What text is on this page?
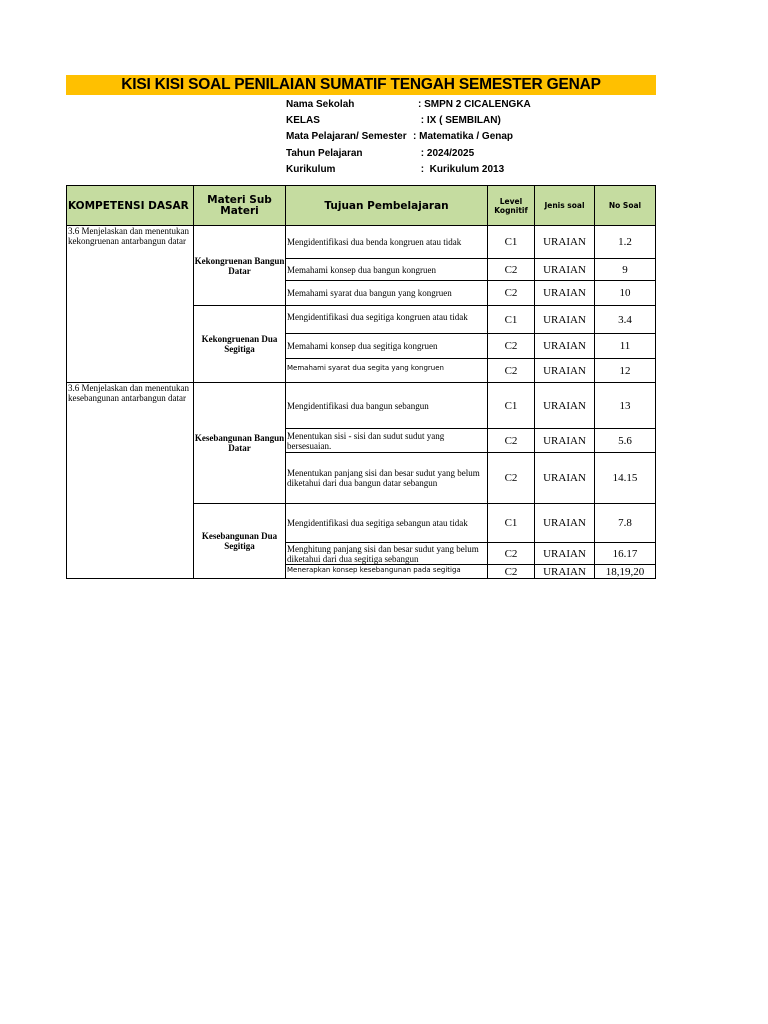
KISI KISI SOAL PENILAIAN SUMATIF TENGAH SEMESTER GENAP
Nama Sekolah	: SMPN 2 CICALENGKA
KELAS	: IX ( SEMBILAN)
Mata Pelajaran/ Semester : Matematika / Genap
Tahun Pelajaran	: 2024/2025
Kurikulum	:  Kurikulum 2013
KOMPETENSI DASAR	Materi Sub Materi	Tujuan Pembelajaran	Level Kognitif	Jenis soal	No Soal

3.6 Menjelaskan dan menentukan kekongruenan antarbangun datar	Kekongruenan Bangun Datar	Mengidentifikasi dua benda kongruen atau tidak	C1	URAIAN	1.2
		Memahami konsep dua bangun kongruen	C2	URAIAN	9
		Memahami syarat dua bangun yang kongruen	C2	URAIAN	10
	Kekongruenan Dua Segitiga	Mengidentifikasi dua segitiga kongruen atau tidak	C1	URAIAN	3.4
		Memahami konsep dua segitiga kongruen	C2	URAIAN	11
		Memahami syarat dua segita yang kongruen	C2	URAIAN	12

3.6 Menjelaskan dan menentukan kesebangunan antarbangun datar	Kesebangunan Bangun Datar	Mengidentifikasi dua bangun sebangun	C1	URAIAN	13
		Menentukan sisi - sisi dan sudut sudut yang bersesuaian.	C2	URAIAN	5.6
		Menentukan panjang sisi dan besar sudut yang belum diketahui dari dua bangun datar sebangun	C2	URAIAN	14.15
	Kesebangunan Dua Segitiga	Mengidentifikasi dua segitiga sebangun atau tidak	C1	URAIAN	7.8
		Menghitung panjang sisi dan besar sudut yang belum diketahui dari dua segitiga sebangun	C2	URAIAN	16.17
		Menerapkan konsep kesebangunan pada segitiga	C2	URAIAN	18,19,20
